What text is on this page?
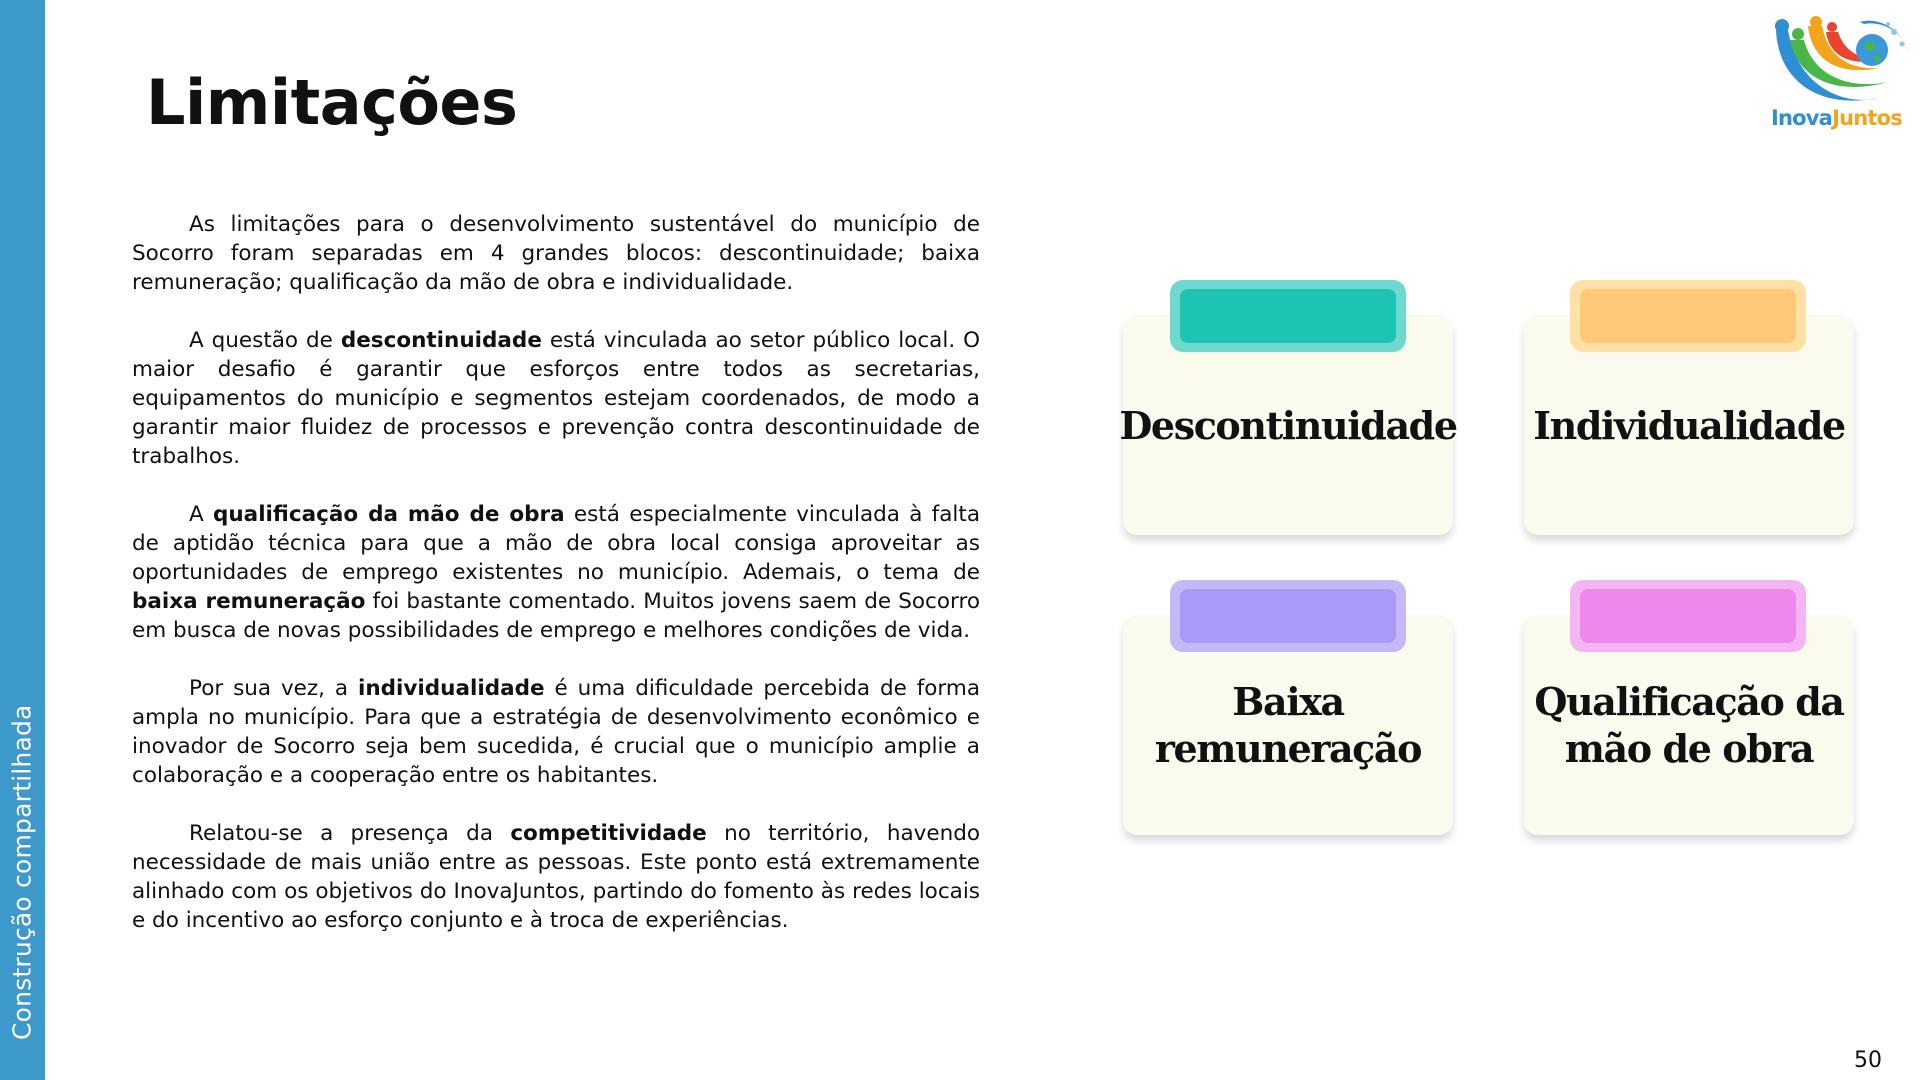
Construção compartilhada
Limitações	InovaJuntos

As limitações para o desenvolvimento sustentável do município de Socorro foram separadas em 4 grandes blocos: descontinuidade; baixa remuneração; qualificação da mão de obra e individualidade.

A questão de descontinuidade está vinculada ao setor público local. O maior desafio é garantir que esforços entre todos as secretarias, equipamentos do município e segmentos estejam coordenados, de modo a garantir maior fluidez de processos e prevenção contra descontinuidade de trabalhos.

A qualificação da mão de obra está especialmente vinculada à falta de aptidão técnica para que a mão de obra local consiga aproveitar as oportunidades de emprego existentes no município. Ademais, o tema de baixa remuneração foi bastante comentado. Muitos jovens saem de Socorro em busca de novas possibilidades de emprego e melhores condições de vida.

Por sua vez, a individualidade é uma dificuldade percebida de forma ampla no município. Para que a estratégia de desenvolvimento econômico e inovador de Socorro seja bem sucedida, é crucial que o município amplie a colaboração e a cooperação entre os habitantes.

Relatou-se a presença da competitividade no território, havendo necessidade de mais união entre as pessoas. Este ponto está extremamente alinhado com os objetivos do InovaJuntos, partindo do fomento às redes locais e do incentivo ao esforço conjunto e à troca de experiências.

Descontinuidade Individualidade
Baixa remuneração
Qualificação da mão de obra
50
